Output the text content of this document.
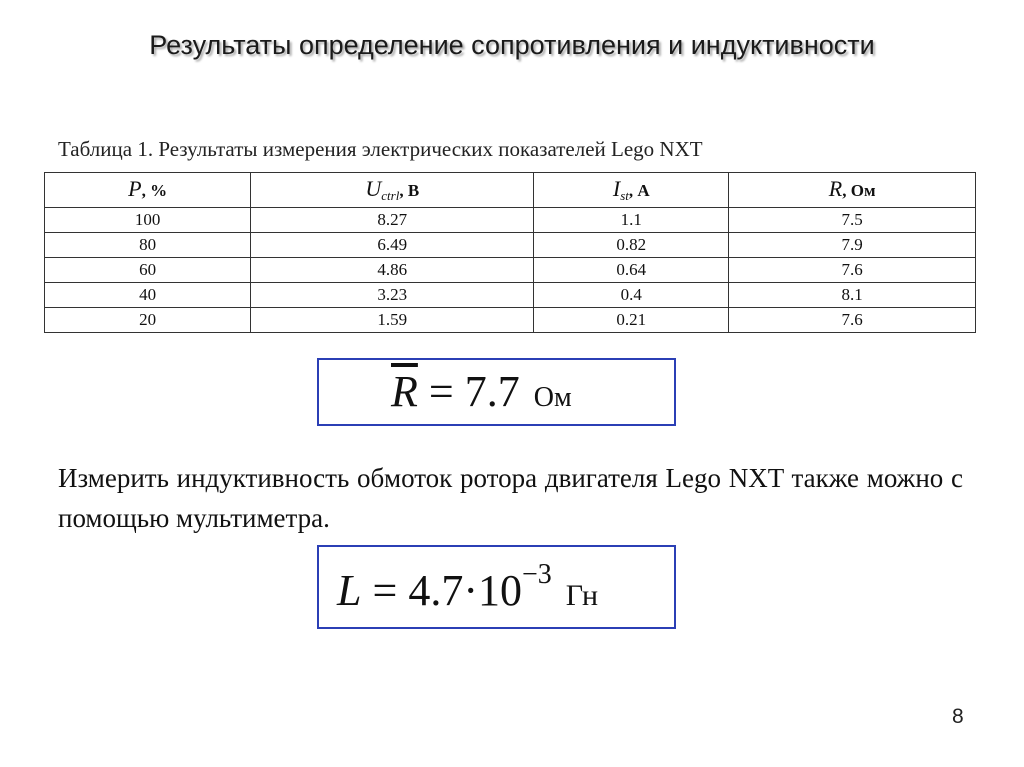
Результаты определение сопротивления и индуктивности
Таблица 1. Результаты измерения электрических показателей Lego NXT
P, %	$U_{ctrl}$, В	$I_{st}$, А	R, Ом
100	8.27	1.1	7.5
80	6.49	0.82	7.9
60	4.86	0.64	7.6
40	3.23	0.4	8.1
20	1.59	0.21	7.6
$\overline{R} = 7.7$ Ом
Измерить индуктивность обмоток ротора двигателя Lego NXT также можно с помощью мультиметра.
$L = 4.7\cdot 10^{-3}Гн$
8
